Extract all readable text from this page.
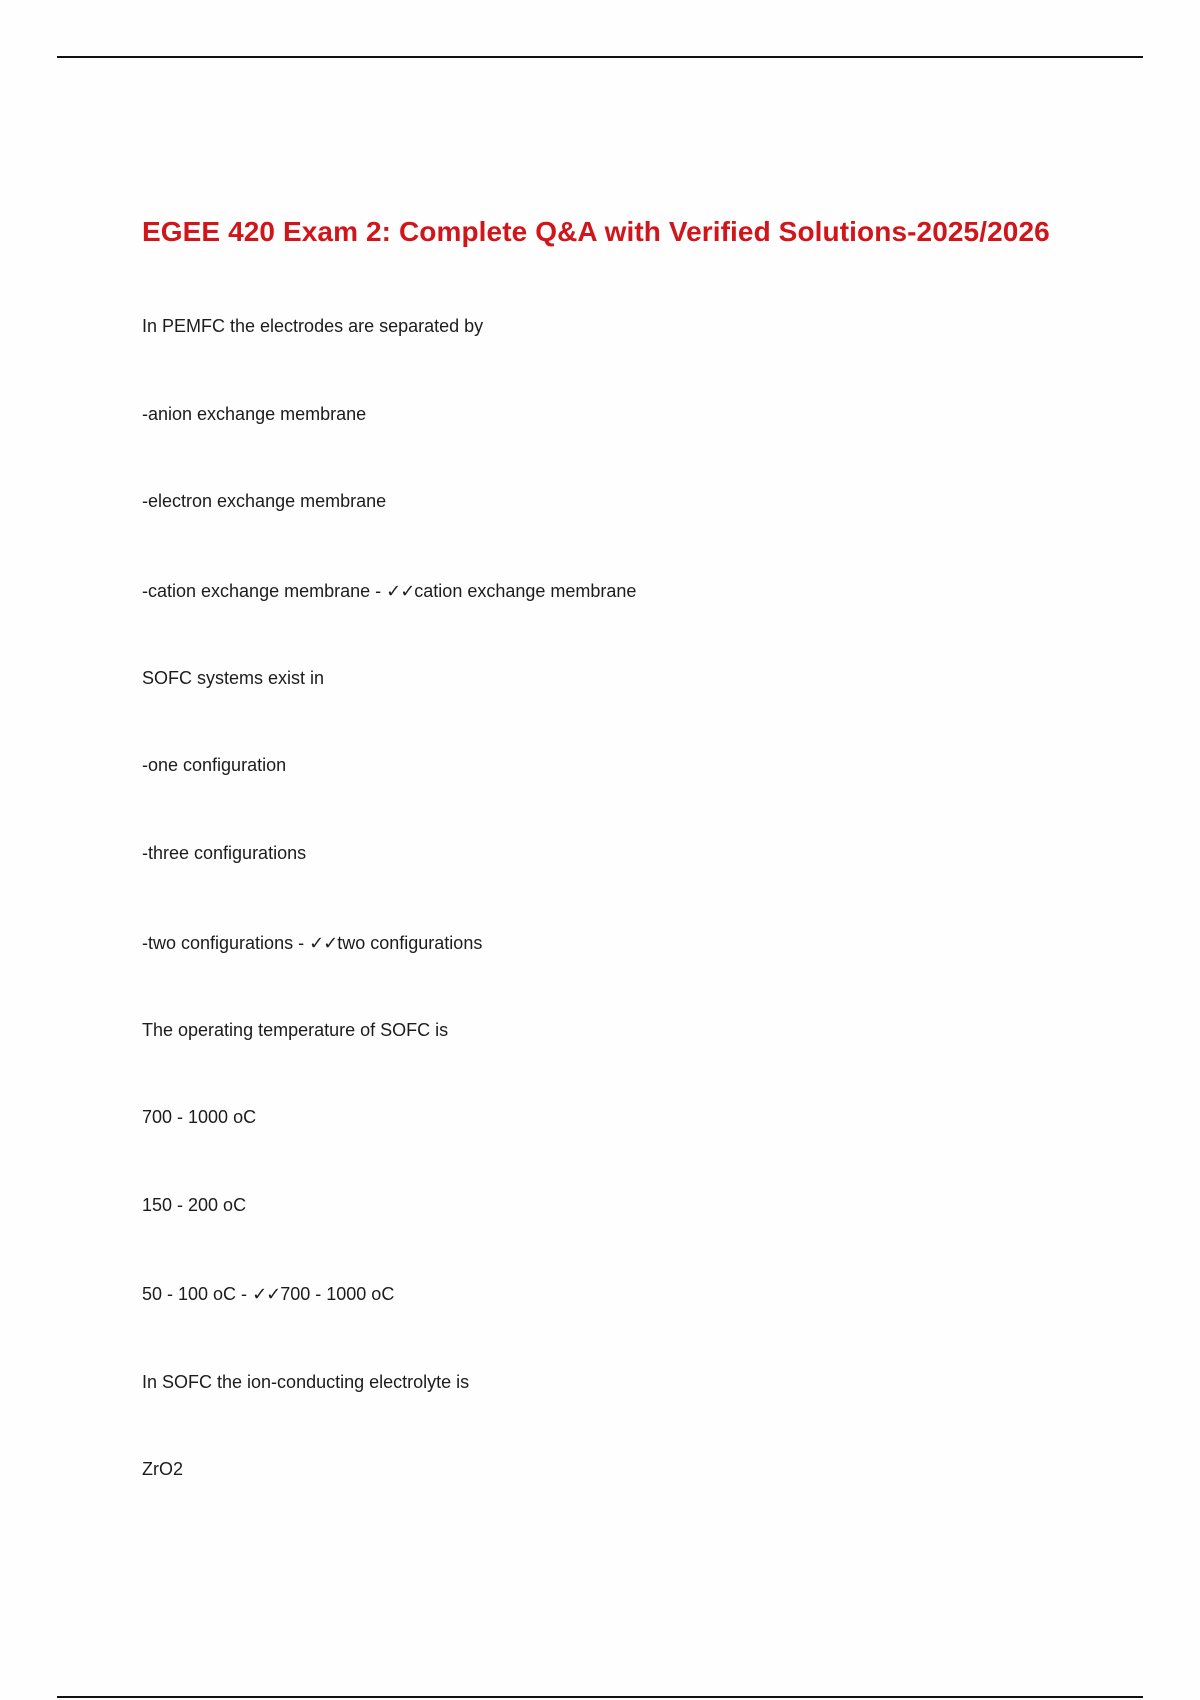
EGEE 420 Exam 2: Complete Q&A with Verified Solutions-2025/2026
In PEMFC the electrodes are separated by
-anion exchange membrane
-electron exchange membrane
-cation exchange membrane - ✓✓cation exchange membrane
SOFC systems exist in
-one configuration
-three configurations
-two configurations - ✓✓two configurations
The operating temperature of SOFC is
700 - 1000 oC
150 - 200 oC
50 - 100 oC - ✓✓700 - 1000 oC
In SOFC the ion-conducting electrolyte is
ZrO2
